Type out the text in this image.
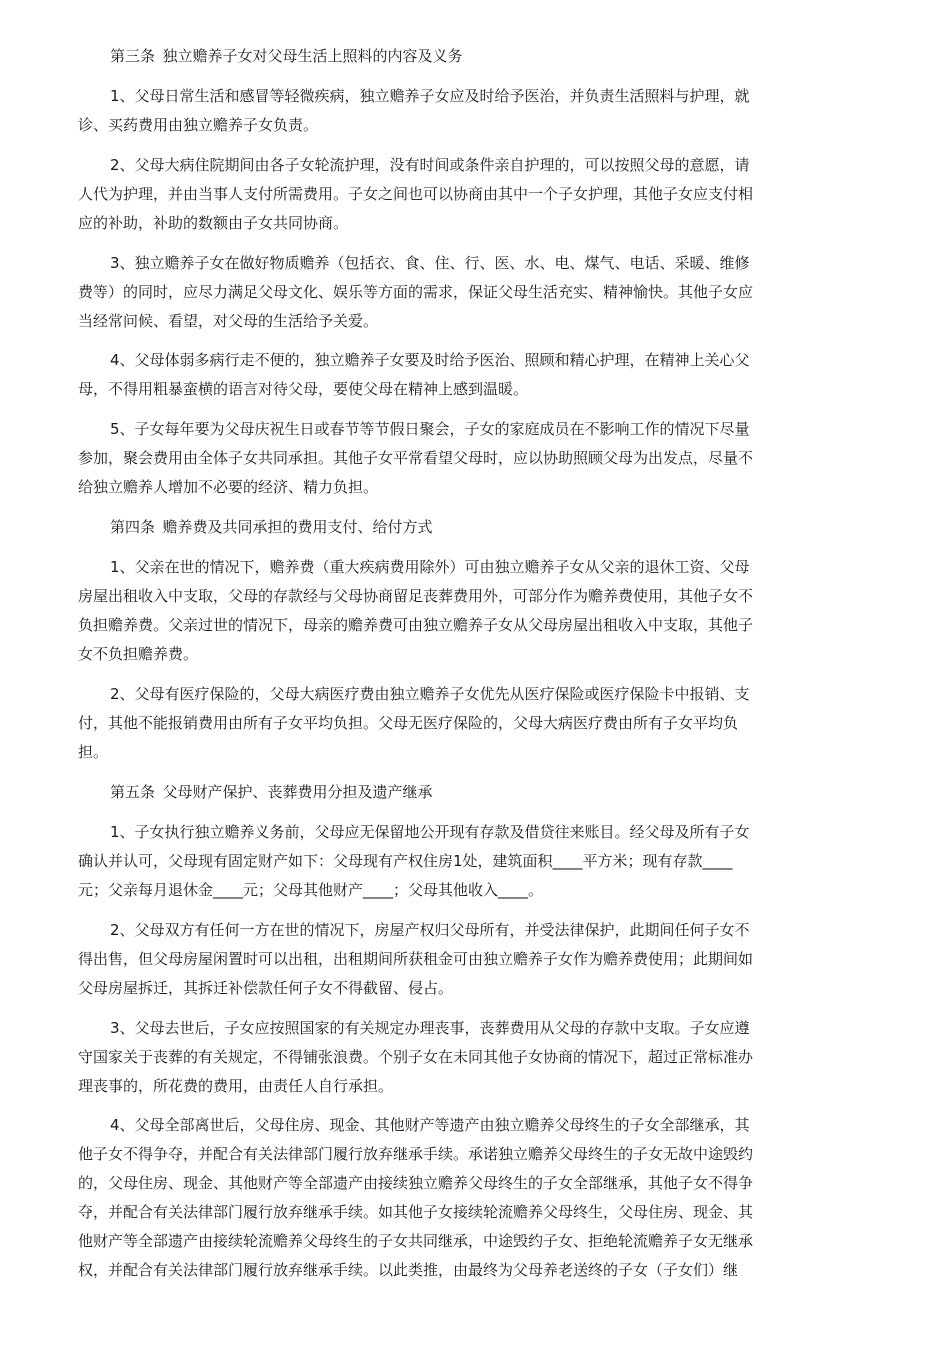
第三条 独立赡养子女对父母生活上照料的内容及义务
1、父母日常生活和感冒等轻微疾病，独立赡养子女应及时给予医治，并负责生活照料与护理，就
诊、买药费用由独立赡养子女负责。
2、父母大病住院期间由各子女轮流护理，没有时间或条件亲自护理的，可以按照父母的意愿，请
人代为护理，并由当事人支付所需费用。子女之间也可以协商由其中一个子女护理，其他子女应支付相
应的补助，补助的数额由子女共同协商。
3、独立赡养子女在做好物质赡养（包括衣、食、住、行、医、水、电、煤气、电话、采暖、维修
费等）的同时，应尽力满足父母文化、娱乐等方面的需求，保证父母生活充实、精神愉快。其他子女应
当经常问候、看望，对父母的生活给予关爱。
4、父母体弱多病行走不便的，独立赡养子女要及时给予医治、照顾和精心护理，在精神上关心父
母，不得用粗暴蛮横的语言对待父母，要使父母在精神上感到温暖。
5、子女每年要为父母庆祝生日或春节等节假日聚会，子女的家庭成员在不影响工作的情况下尽量
参加，聚会费用由全体子女共同承担。其他子女平常看望父母时，应以协助照顾父母为出发点，尽量不
给独立赡养人增加不必要的经济、精力负担。
第四条 赡养费及共同承担的费用支付、给付方式
1、父亲在世的情况下，赡养费（重大疾病费用除外）可由独立赡养子女从父亲的退休工资、父母
房屋出租收入中支取，父母的存款经与父母协商留足丧葬费用外，可部分作为赡养费使用，其他子女不
负担赡养费。父亲过世的情况下，母亲的赡养费可由独立赡养子女从父母房屋出租收入中支取，其他子
女不负担赡养费。
2、父母有医疗保险的，父母大病医疗费由独立赡养子女优先从医疗保险或医疗保险卡中报销、支
付，其他不能报销费用由所有子女平均负担。父母无医疗保险的，父母大病医疗费由所有子女平均负
担。
第五条 父母财产保护、丧葬费用分担及遗产继承
1、子女执行独立赡养义务前，父母应无保留地公开现有存款及借贷往来账目。经父母及所有子女
确认并认可，父母现有固定财产如下：父母现有产权住房1处，建筑面积____平方米；现有存款____
元；父亲每月退休金____元；父母其他财产____；父母其他收入____。
2、父母双方有任何一方在世的情况下，房屋产权归父母所有，并受法律保护，此期间任何子女不
得出售，但父母房屋闲置时可以出租，出租期间所获租金可由独立赡养子女作为赡养费使用；此期间如
父母房屋拆迁，其拆迁补偿款任何子女不得截留、侵占。
3、父母去世后，子女应按照国家的有关规定办理丧事，丧葬费用从父母的存款中支取。子女应遵
守国家关于丧葬的有关规定，不得铺张浪费。个别子女在未同其他子女协商的情况下，超过正常标准办
理丧事的，所花费的费用，由责任人自行承担。
4、父母全部离世后，父母住房、现金、其他财产等遗产由独立赡养父母终生的子女全部继承，其
他子女不得争夺，并配合有关法律部门履行放弃继承手续。承诺独立赡养父母终生的子女无故中途毁约
的，父母住房、现金、其他财产等全部遗产由接续独立赡养父母终生的子女全部继承，其他子女不得争
夺，并配合有关法律部门履行放弃继承手续。如其他子女接续轮流赡养父母终生，父母住房、现金、其
他财产等全部遗产由接续轮流赡养父母终生的子女共同继承，中途毁约子女、拒绝轮流赡养子女无继承
权，并配合有关法律部门履行放弃继承手续。以此类推，由最终为父母养老送终的子女（子女们）继
